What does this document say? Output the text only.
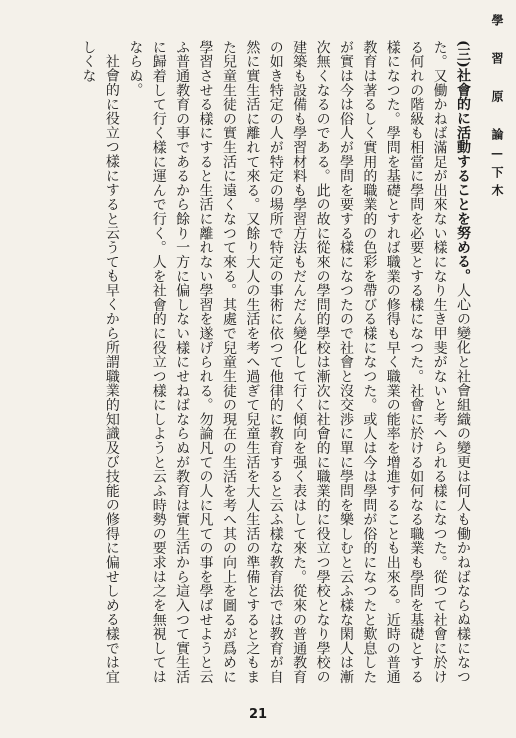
學 習 原 論—下木

(三)社會的に活動することを努める。人心の變化と社會組織の變更は何人も働かねばならぬ樣になつた。又働かねば滿足が出來ない樣になり生き甲斐がないと考へられる樣になつた。從つて社會に於ける何れの階級も相當に學問を必要とする樣になつた。社會に於ける如何なる職業も學問を基礎とする樣になつた。學問を基礎とすれば職業の修得も早く職業の能率を增進することも出來る。近時の普通教育は著るしく實用的職業的の色彩を帶びる樣になつた。或人は今は學問が俗的になつたと歎息したが實は今は俗人が學問を要する樣になつたので社會と沒交渉に單に學問を樂しむと云ふ樣な閑人は漸次無くなるのである。此の故に從來の學問的學校は漸次に社會的に職業的に役立つ學校となり學校の建築も設備も學習材料も學習方法もだんだん變化して行く傾向を强く表はして來た。從來の普通教育の如き特定の人が特定の場所で特定の事術に依つて他律的に教育すると云ふ樣な教育法では教育が自然に實生活に離れて來る。又餘り大人の生活を考へ過ぎて兒童生活を大人生活の準備とすると之もまた兒童生徒の實生活に遠くなつて來る。其處で兒童生徒の現在の生活を考へ其の向上を圖るが爲めに學習させる樣にすると生活に離れない學習を遂げられる。勿論凡ての人に凡ての事を學ばせようと云ふ普通教育の事であるから餘り一方に偏しない樣にせねばならぬが教育は實生活から這入つて實生活に歸着して行く樣に運んで行く。人を社會的に役立つ樣にしようと云ふ時勢の要求は之を無視してはならぬ。

社會的に役立つ樣にすると云うても早くから所謂職業的知識及び技能の修得に偏せしめる樣では宜しくな

21
